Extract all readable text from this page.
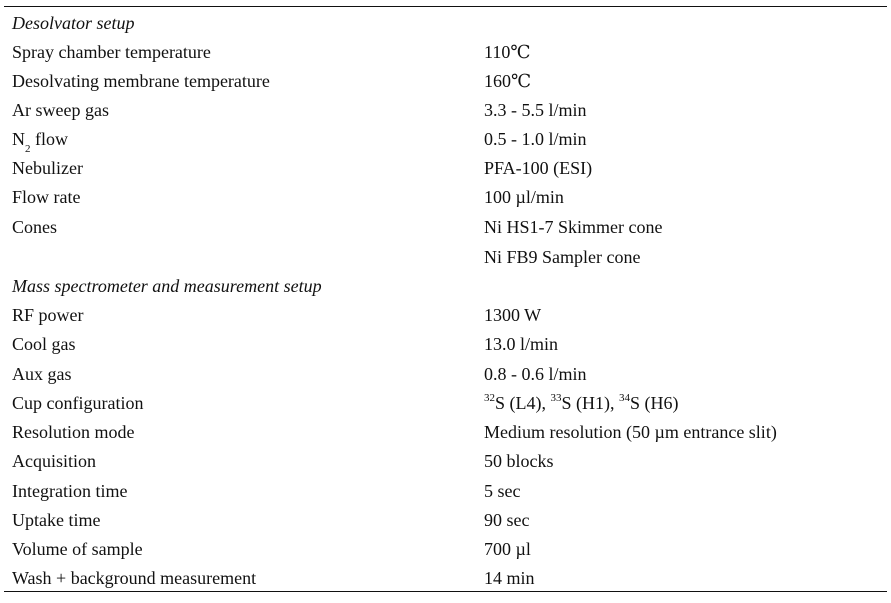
Desolvator setup
Spray chamber temperature	110℃
Desolvating membrane temperature	160℃
Ar sweep gas	3.3 - 5.5 l/min
$N_2$ flow	0.5 - 1.0 l/min
Nebulizer	PFA-100 (ESI)
Flow rate	100 µl/min
Cones	Ni HS1-7 Skimmer cone
Ni FB9 Sampler cone
Mass spectrometer and measurement setup
RF power	1300 W
Cool gas	13.0 l/min
Aux gas	0.8 - 0.6 l/min
Cup configuration	$^{32}$S (L4), $^{33}$S (H1), $^{34}$S (H6)
Resolution mode	Medium resolution (50 µm entrance slit)
Acquisition	50 blocks
Integration time	5 sec
Uptake time	90 sec
Volume of sample	700 µl
Wash + background measurement	14 min
